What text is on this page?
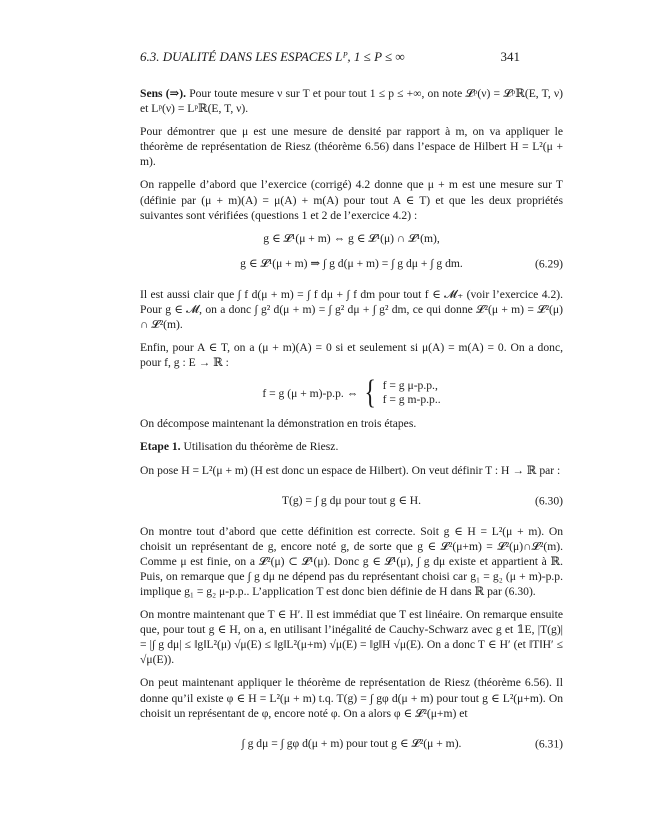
6.3. DUALITÉ DANS LES ESPACES Lᴾ, 1 ≤ P ≤ ∞	341

Sens (⇒). Pour toute mesure ν sur T et pour tout 1 ≤ p ≤ +∞, on note 𝓛ᵖ(ν) = 𝓛ᵖℝ(E, T, ν) et Lᵖ(ν) = Lᵖℝ(E, T, ν).

Pour démontrer que μ est une mesure de densité par rapport à m, on va appliquer le théorème de représentation de Riesz (théorème 6.56) dans l’espace de Hilbert H = L²(μ + m).

On rappelle d’abord que l’exercice (corrigé) 4.2 donne que μ + m est une mesure sur T (définie par (μ + m)(A) = μ(A) + m(A) pour tout A ∈ T) et que les deux propriétés suivantes sont vérifiées (questions 1 et 2 de l’exercice 4.2) :

g ∈ 𝓛¹(μ + m) ⇔ g ∈ 𝓛¹(μ) ∩ 𝓛¹(m),
g ∈ 𝓛¹(μ + m) ⇒ ∫ g d(μ + m) = ∫ g dμ + ∫ g dm.	(6.29)

Il est aussi clair que ∫ f d(μ + m) = ∫ f dμ + ∫ f dm pour tout f ∈ 𝓜₊ (voir l’exercice 4.2). Pour g ∈ 𝓜, on a donc ∫ g² d(μ + m) = ∫ g² dμ + ∫ g² dm, ce qui donne 𝓛²(μ + m) = 𝓛²(μ) ∩ 𝓛²(m).

Enfin, pour A ∈ T, on a (μ + m)(A) = 0 si et seulement si μ(A) = m(A) = 0. On a donc, pour f, g : E → ℝ :

f = g (μ + m)-p.p. ⇔ { f = g μ-p.p.,
f = g m-p.p..

On décompose maintenant la démonstration en trois étapes.

Etape 1. Utilisation du théorème de Riesz.

On pose H = L²(μ + m) (H est donc un espace de Hilbert). On veut définir T : H → ℝ par :

T(g) = ∫ g dμ pour tout g ∈ H.	(6.30)

On montre tout d’abord que cette définition est correcte. Soit g ∈ H = L²(μ + m). On choisit un représentant de g, encore noté g, de sorte que g ∈ 𝓛²(μ+m) = 𝓛²(μ)∩𝓛²(m). Comme μ est finie, on a 𝓛²(μ) ⊂ 𝓛¹(μ). Donc g ∈ 𝓛¹(μ), ∫ g dμ existe et appartient à ℝ. Puis, on remarque que ∫ g dμ ne dépend pas du représentant choisi car g₁ = g₂ (μ + m)-p.p. implique g₁ = g₂ μ-p.p.. L’application T est donc bien définie de H dans ℝ par (6.30).

On montre maintenant que T ∈ H′. Il est immédiat que T est linéaire. On remarque ensuite que, pour tout g ∈ H, on a, en utilisant l’inégalité de Cauchy-Schwarz avec g et 𝟙E, |T(g)| = |∫ g dμ| ≤ ‖g‖L²(μ) √μ(E) ≤ ‖g‖L²(μ+m) √μ(E) = ‖g‖H √μ(E). On a donc T ∈ H′ (et ‖T‖H′ ≤ √μ(E)).

On peut maintenant appliquer le théorème de représentation de Riesz (théorème 6.56). Il donne qu’il existe φ ∈ H = L²(μ + m) t.q. T(g) = ∫ gφ d(μ + m) pour tout g ∈ L²(μ+m). On choisit un représentant de φ, encore noté φ. On a alors φ ∈ 𝓛²(μ+m) et

∫ g dμ = ∫ gφ d(μ + m) pour tout g ∈ 𝓛²(μ + m).	(6.31)
